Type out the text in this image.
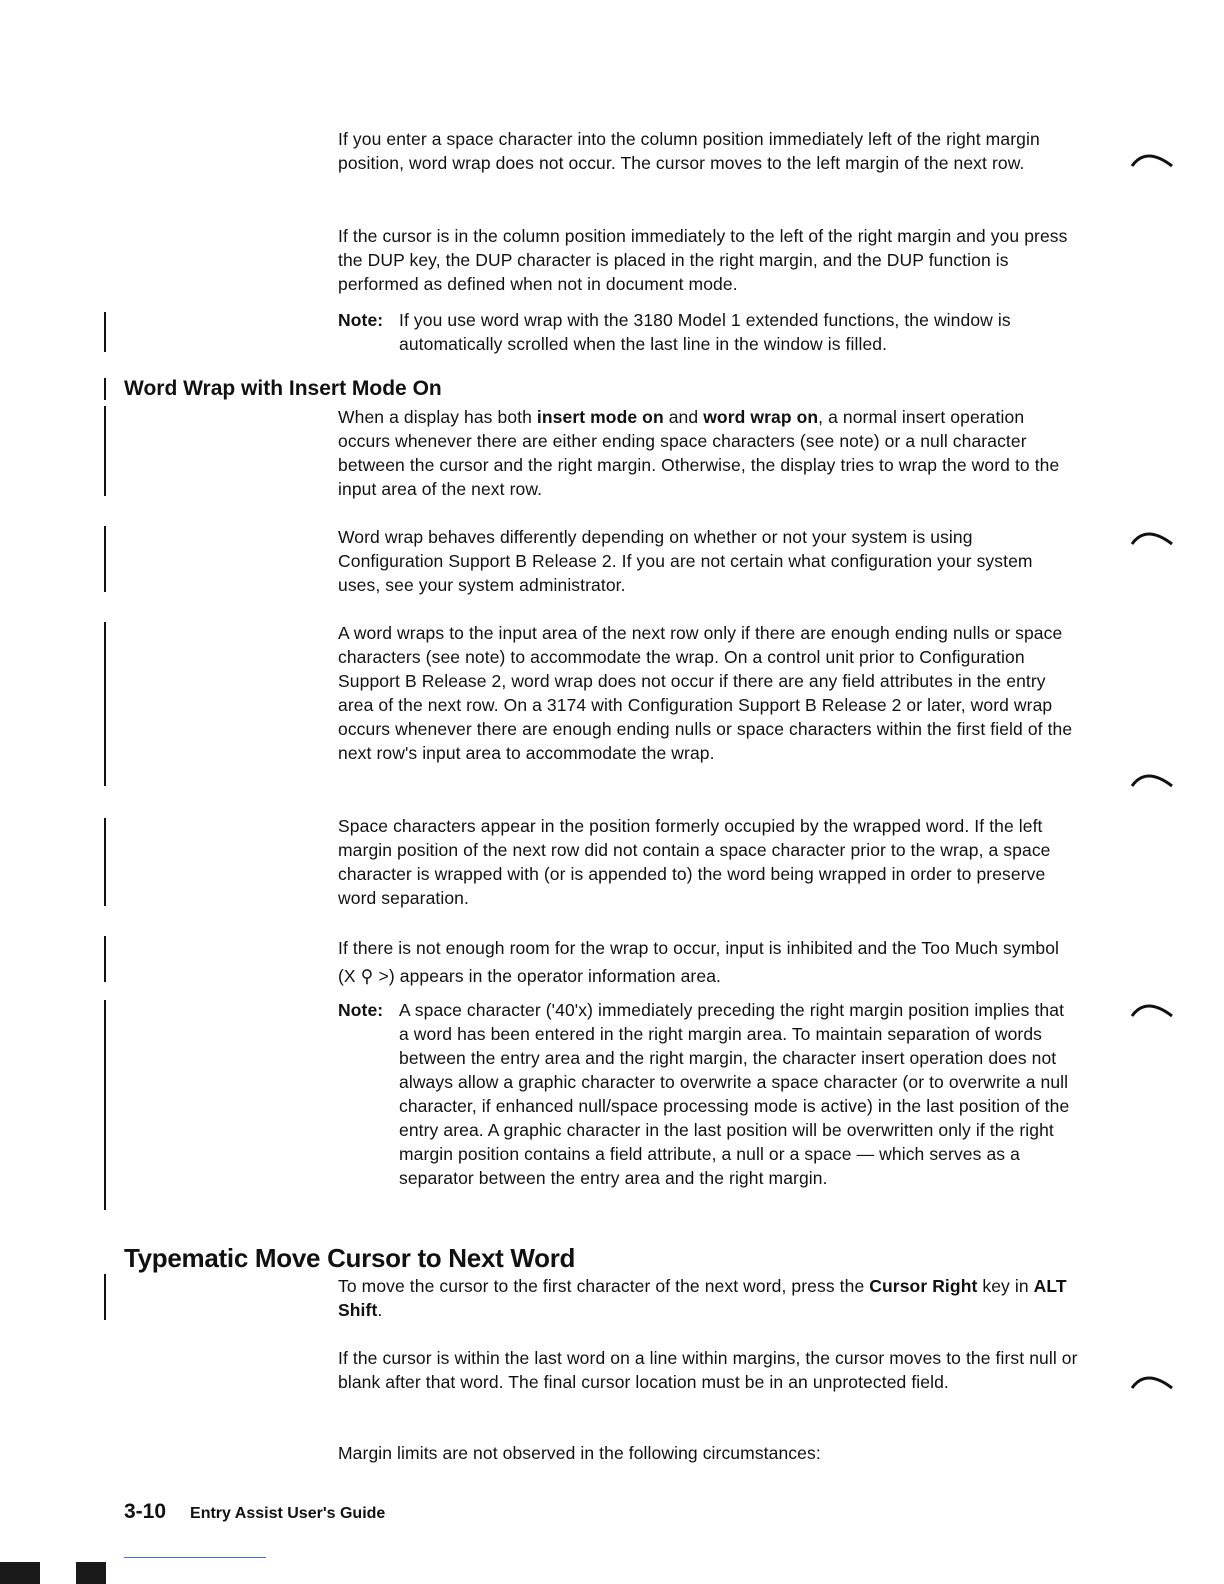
If you enter a space character into the column position immediately left of the right margin position, word wrap does not occur. The cursor moves to the left margin of the next row.

If the cursor is in the column position immediately to the left of the right margin and you press the DUP key, the DUP character is placed in the right margin, and the DUP function is performed as defined when not in document mode.

Note: If you use word wrap with the 3180 Model 1 extended functions, the window is automatically scrolled when the last line in the window is filled.
Word Wrap with Insert Mode On

When a display has both insert mode on and word wrap on, a normal insert operation occurs whenever there are either ending space characters (see note) or a null character between the cursor and the right margin. Otherwise, the display tries to wrap the word to the input area of the next row.

Word wrap behaves differently depending on whether or not your system is using Configuration Support B Release 2. If you are not certain what configuration your system uses, see your system administrator.

A word wraps to the input area of the next row only if there are enough ending nulls or space characters (see note) to accommodate the wrap. On a control unit prior to Configuration Support B Release 2, word wrap does not occur if there are any field attributes in the entry area of the next row. On a 3174 with Configuration Support B Release 2 or later, word wrap occurs whenever there are enough ending nulls or space characters within the first field of the next row's input area to accommodate the wrap.

Space characters appear in the position formerly occupied by the wrapped word. If the left margin position of the next row did not contain a space character prior to the wrap, a space character is wrapped with (or is appended to) the word being wrapped in order to preserve word separation.

If there is not enough room for the wrap to occur, input is inhibited and the Too Much symbol (X ⚲ >) appears in the operator information area.

Note: A space character ('40'x) immediately preceding the right margin position implies that a word has been entered in the right margin area. To maintain separation of words between the entry area and the right margin, the character insert operation does not always allow a graphic character to overwrite a space character (or to overwrite a null character, if enhanced null/space processing mode is active) in the last position of the entry area. A graphic character in the last position will be overwritten only if the right margin position contains a field attribute, a null or a space — which serves as a separator between the entry area and the right margin.
Typematic Move Cursor to Next Word

To move the cursor to the first character of the next word, press the Cursor Right key in ALT Shift.

If the cursor is within the last word on a line within margins, the cursor moves to the first null or blank after that word. The final cursor location must be in an unprotected field.

Margin limits are not observed in the following circumstances:

3-10 Entry Assist User's Guide
